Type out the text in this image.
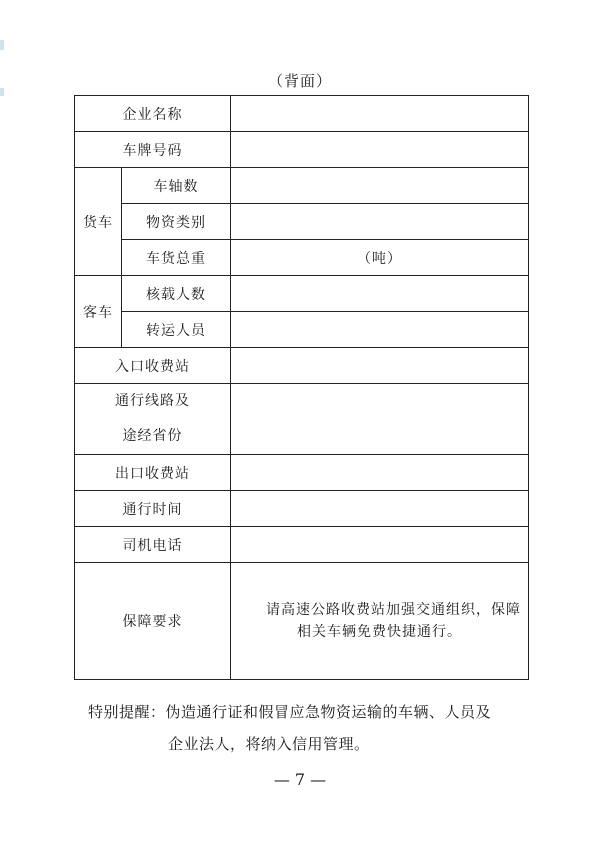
（背面）
企业名称		
车牌号码		
货车	车轴数	
	物资类别	
	车货总重	（吨）
客车	核载人数	
	转运人员	
入口收费站		
通行线路及
途经省份		
出口收费站		
通行时间		
司机电话		
保障要求		请高速公路收费站加强交通组织，保障相关车辆免费快捷通行。
特别提醒：伪造通行证和假冒应急物资运输的车辆、人员及
企业法人，将纳入信用管理。
— 7 —
